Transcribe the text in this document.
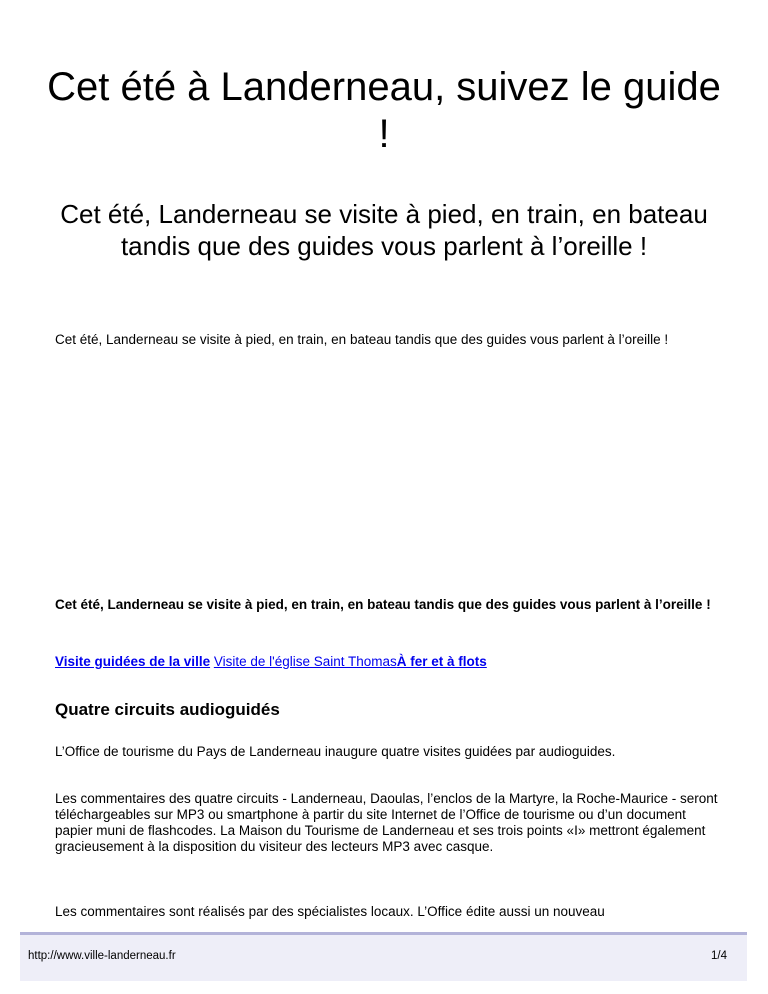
Cet été à Landerneau, suivez le guide !
Cet été, Landerneau se visite à pied, en train, en bateau tandis que des guides vous parlent à l’oreille !

Cet été, Landerneau se visite à pied, en train, en bateau tandis que des guides vous parlent à l’oreille !

Cet été, Landerneau se visite à pied, en train, en bateau tandis que des guides vous parlent à l’oreille !

Visite guidées de la ville Visite de l'église Saint ThomasÀ fer et à flots
Quatre circuits audioguidés

L’Office de tourisme du Pays de Landerneau inaugure quatre visites guidées par audioguides.

Les commentaires des quatre circuits - Landerneau, Daoulas, l’enclos de la Martyre, la Roche-Maurice - seront téléchargeables sur MP3 ou smartphone à partir du site Internet de l’Office de tourisme ou d’un document papier muni de flashcodes. La Maison du Tourisme de Landerneau et ses trois points «I» mettront également gracieusement à la disposition du visiteur des lecteurs MP3 avec casque.

Les commentaires sont réalisés par des spécialistes locaux. L’Office édite aussi un nouveau

http://www.ville-landerneau.fr	1/4
